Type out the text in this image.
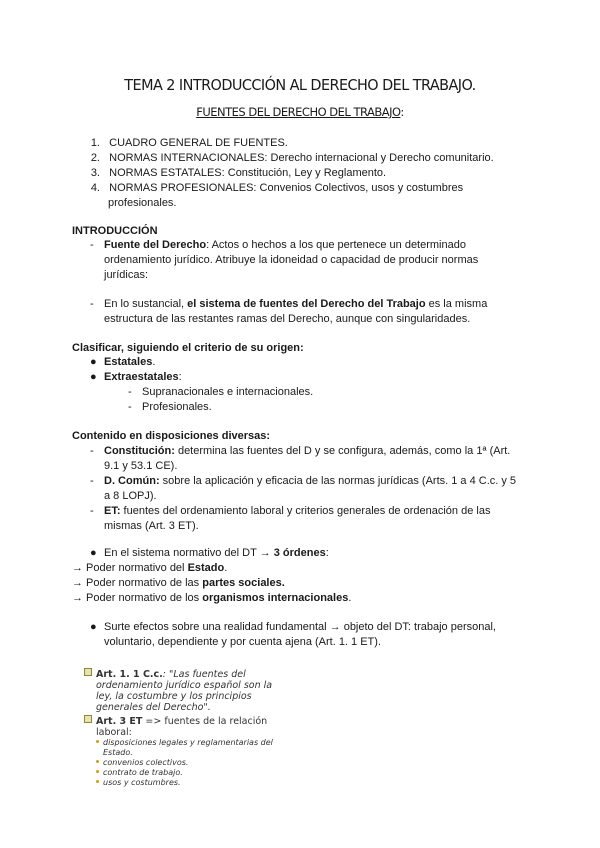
TEMA 2 INTRODUCCIÓN AL DERECHO DEL TRABAJO.
FUENTES DEL DERECHO DEL TRABAJO:
1. CUADRO GENERAL DE FUENTES.
2. NORMAS INTERNACIONALES: Derecho internacional y Derecho comunitario.
3. NORMAS ESTATALES: Constitución, Ley y Reglamento.
4. NORMAS PROFESIONALES: Convenios Colectivos, usos y costumbres
profesionales.
INTRODUCCIÓN
- Fuente del Derecho: Actos o hechos a los que pertenece un determinado
ordenamiento jurídico. Atribuye la idoneidad o capacidad de producir normas
jurídicas:
- En lo sustancial, el sistema de fuentes del Derecho del Trabajo es la misma
estructura de las restantes ramas del Derecho, aunque con singularidades.
Clasificar, siguiendo el criterio de su origen:
● Estatales.
● Extraestatales:
- Supranacionales e internacionales.
- Profesionales.
Contenido en disposiciones diversas:
- Constitución: determina las fuentes del D y se configura, además, como la 1ª (Art.
9.1 y 53.1 CE).
- D. Común: sobre la aplicación y eficacia de las normas jurídicas (Arts. 1 a 4 C.c. y 5
a 8 LOPJ).
- ET: fuentes del ordenamiento laboral y criterios generales de ordenación de las
mismas (Art. 3 ET).
● En el sistema normativo del DT → 3 órdenes:
→ Poder normativo del Estado.
→ Poder normativo de las partes sociales.
→ Poder normativo de los organismos internacionales.
● Surte efectos sobre una realidad fundamental → objeto del DT: trabajo personal,
voluntario, dependiente y por cuenta ajena (Art. 1. 1 ET).
Art. 1. 1 C.c.: "Las fuentes del
ordenamiento jurídico español son la
ley, la costumbre y los principios
generales del Derecho".
Art. 3 ET => fuentes de la relación
laboral:
disposiciones legales y reglamentarias del
Estado.
convenios colectivos.
contrato de trabajo.
usos y costumbres.
